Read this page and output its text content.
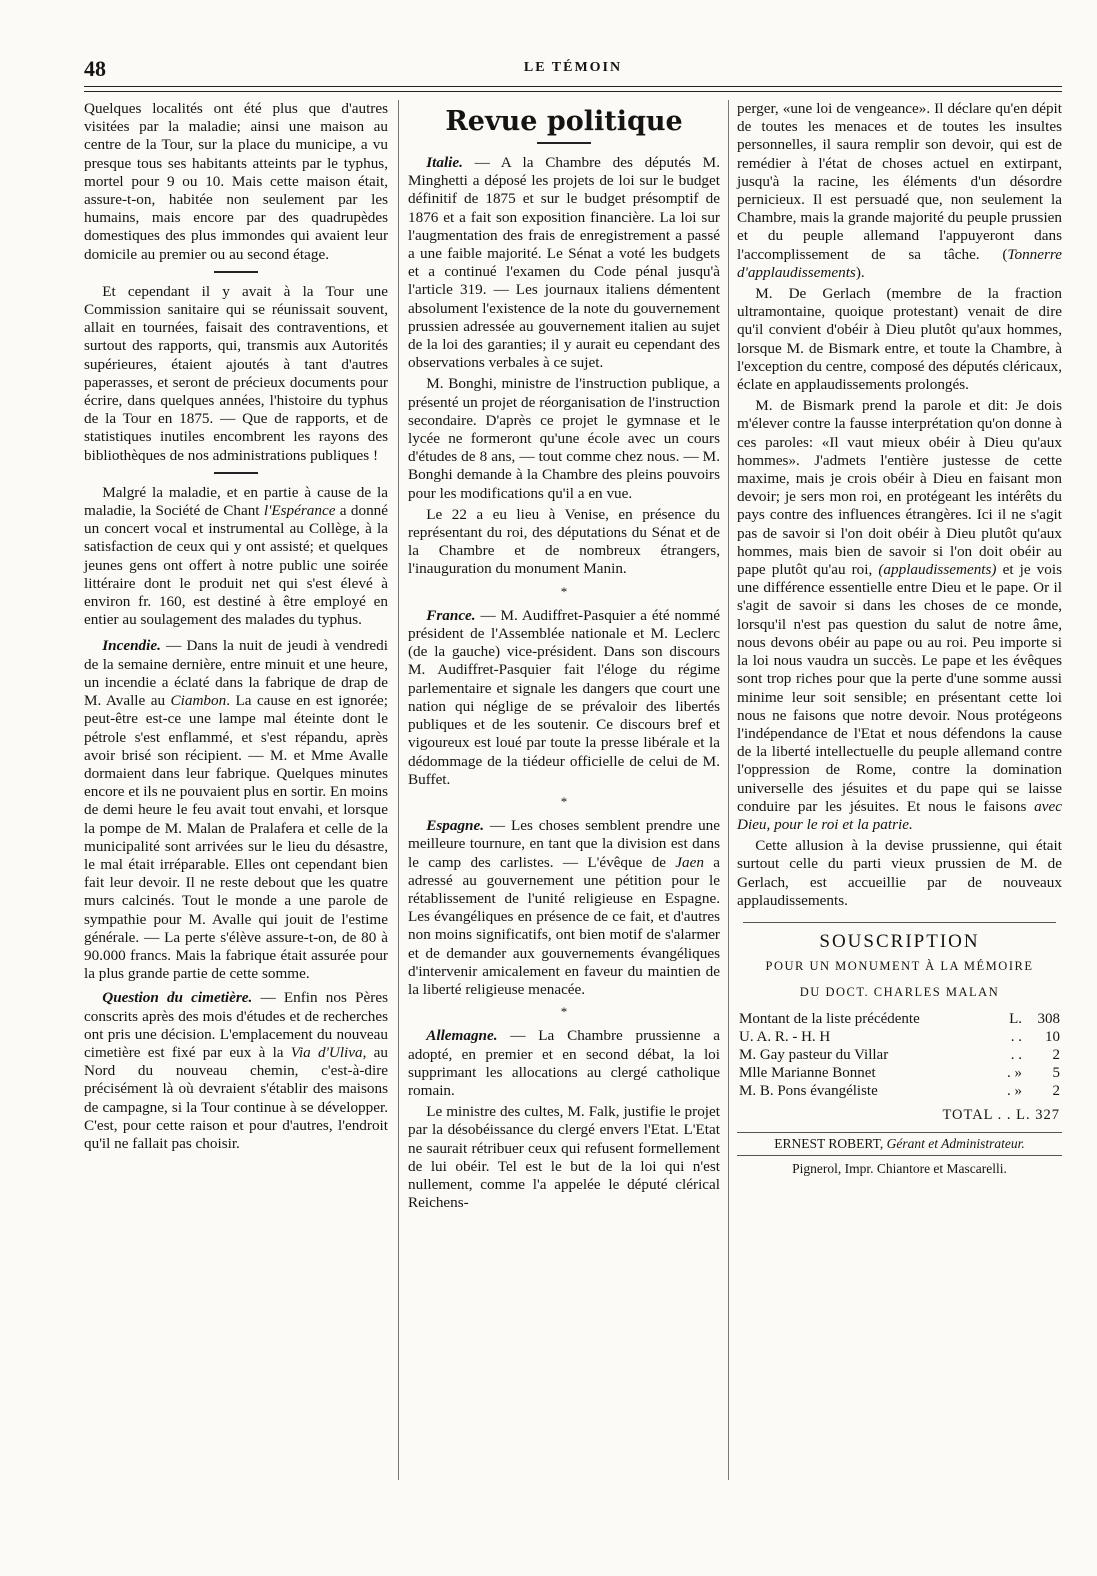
48	LE TÉMOIN

Quelques localités ont été plus que d'autres visitées par la maladie; ainsi une maison au centre de la Tour, sur la place du municipe, a vu presque tous ses habitants atteints par le typhus, mortel pour 9 ou 10. Mais cette maison était, assure-t-on, habitée non seulement par les humains, mais encore par des quadrupèdes domestiques des plus immondes qui avaient leur domicile au premier ou au second étage.

Et cependant il y avait à la Tour une Commission sanitaire qui se réunissait souvent, allait en tournées, faisait des contraventions, et surtout des rapports, qui, transmis aux Autorités supérieures, étaient ajoutés à tant d'autres paperasses, et seront de précieux documents pour écrire, dans quelques années, l'histoire du typhus de la Tour en 1875. — Que de rapports, et de statistiques inutiles encombrent les rayons des bibliothèques de nos administrations publiques !

Malgré la maladie, et en partie à cause de la maladie, la Société de Chant l'Espérance a donné un concert vocal et instrumental au Collège, à la satisfaction de ceux qui y ont assisté; et quelques jeunes gens ont offert à notre public une soirée littéraire dont le produit net qui s'est élevé à environ fr. 160, est destiné à être employé en entier au soulagement des malades du typhus.

Incendie. — Dans la nuit de jeudi à vendredi de la semaine dernière, entre minuit et une heure, un incendie a éclaté dans la fabrique de drap de M. Avalle au Ciambon. La cause en est ignorée; peut-être est-ce une lampe mal éteinte dont le pétrole s'est enflammé, et s'est répandu, après avoir brisé son récipient. — M. et Mme Avalle dormaient dans leur fabrique. Quelques minutes encore et ils ne pouvaient plus en sortir. En moins de demi heure le feu avait tout envahi, et lorsque la pompe de M. Malan de Pralafera et celle de la municipalité sont arrivées sur le lieu du désastre, le mal était irréparable. Elles ont cependant bien fait leur devoir. Il ne reste debout que les quatre murs calcinés. Tout le monde a une parole de sympathie pour M. Avalle qui jouit de l'estime générale. — La perte s'élève assure-t-on, de 80 à 90.000 francs. Mais la fabrique était assurée pour la plus grande partie de cette somme.

Question du cimetière. — Enfin nos Pères conscrits après des mois d'études et de recherches ont pris une décision. L'emplacement du nouveau cimetière est fixé par eux à la Via d'Uliva, au Nord du nouveau chemin, c'est-à-dire précisément là où devraient s'établir des maisons de campagne, si la Tour continue à se développer. C'est, pour cette raison et pour d'autres, l'endroit qu'il ne fallait pas choisir.

Revue politique

Italie. — A la Chambre des députés M. Minghetti a déposé les projets de loi sur le budget définitif de 1875 et sur le budget présomptif de 1876 et a fait son exposition financière. La loi sur l'augmentation des frais de enregistrement a passé a une faible majorité. Le Sénat a voté les budgets et a continué l'examen du Code pénal jusqu'à l'article 319. — Les journaux italiens démentent absolument l'existence de la note du gouvernement prussien adressée au gouvernement italien au sujet de la loi des garanties; il y aurait eu cependant des observations verbales à ce sujet.

M. Bonghi, ministre de l'instruction publique, a présenté un projet de réorganisation de l'instruction secondaire. D'après ce projet le gymnase et le lycée ne formeront qu'une école avec un cours d'études de 8 ans, — tout comme chez nous. — M. Bonghi demande à la Chambre des pleins pouvoirs pour les modifications qu'il a en vue.

Le 22 a eu lieu à Venise, en présence du représentant du roi, des députations du Sénat et de la Chambre et de nombreux étrangers, l'inauguration du monument Manin.

*

France. — M. Audiffret-Pasquier a été nommé président de l'Assemblée nationale et M. Leclerc (de la gauche) vice-président. Dans son discours M. Audiffret-Pasquier fait l'éloge du régime parlementaire et signale les dangers que court une nation qui néglige de se prévaloir des libertés publiques et de les soutenir. Ce discours bref et vigoureux est loué par toute la presse libérale et la dédommage de la tiédeur officielle de celui de M. Buffet.

*

Espagne. — Les choses semblent prendre une meilleure tournure, en tant que la division est dans le camp des carlistes. — L'évêque de Jaen a adressé au gouvernement une pétition pour le rétablissement de l'unité religieuse en Espagne. Les évangéliques en présence de ce fait, et d'autres non moins significatifs, ont bien motif de s'alarmer et de demander aux gouvernements évangéliques d'intervenir amicalement en faveur du maintien de la liberté religieuse menacée.

*

Allemagne. — La Chambre prussienne a adopté, en premier et en second débat, la loi supprimant les allocations au clergé catholique romain.

Le ministre des cultes, M. Falk, justifie le projet par la désobéissance du clergé envers l'Etat. L'Etat ne saurait rétribuer ceux qui refusent formellement de lui obéir. Tel est le but de la loi qui n'est nullement, comme l'a appelée le député clérical Reichens-

perger, «une loi de vengeance». Il déclare qu'en dépit de toutes les menaces et de toutes les insultes personnelles, il saura remplir son devoir, qui est de remédier à l'état de choses actuel en extirpant, jusqu'à la racine, les éléments d'un désordre pernicieux. Il est persuadé que, non seulement la Chambre, mais la grande majorité du peuple prussien et du peuple allemand l'appuyeront dans l'accomplissement de sa tâche. (Tonnerre d'applaudissements).

M. De Gerlach (membre de la fraction ultramontaine, quoique protestant) venait de dire qu'il convient d'obéir à Dieu plutôt qu'aux hommes, lorsque M. de Bismark entre, et toute la Chambre, à l'exception du centre, composé des députés cléricaux, éclate en applaudissements prolongés.

M. de Bismark prend la parole et dit: Je dois m'élever contre la fausse interprétation qu'on donne à ces paroles: «Il vaut mieux obéir à Dieu qu'aux hommes». J'admets l'entière justesse de cette maxime, mais je crois obéir à Dieu en faisant mon devoir; je sers mon roi, en protégeant les intérêts du pays contre des influences étrangères. Ici il ne s'agit pas de savoir si l'on doit obéir à Dieu plutôt qu'aux hommes, mais bien de savoir si l'on doit obéir au pape plutôt qu'au roi, (applaudissements) et je vois une différence essentielle entre Dieu et le pape. Or il s'agit de savoir si dans les choses de ce monde, lorsqu'il n'est pas question du salut de notre âme, nous devons obéir au pape ou au roi. Peu importe si la loi nous vaudra un succès. Le pape et les évêques sont trop riches pour que la perte d'une somme aussi minime leur soit sensible; en présentant cette loi nous ne faisons que notre devoir. Nous protégeons l'indépendance de l'Etat et nous défendons la cause de la liberté intellectuelle du peuple allemand contre l'oppression de Rome, contre la domination universelle des jésuites et du pape qui se laisse conduire par les jésuites. Et nous le faisons avec Dieu, pour le roi et la patrie.

Cette allusion à la devise prussienne, qui était surtout celle du parti vieux prussien de M. de Gerlach, est accueillie par de nouveaux applaudissements.

SOUSCRIPTION
POUR UN MONUMENT À LA MÉMOIRE
DU DOCT. CHARLES MALAN
Montant de la liste précédente	L.	308
U. A. R. - H. H	. .	10
M. Gay pasteur du Villar	. .	2
Mlle Marianne Bonnet	. »	5
M. B. Pons évangéliste	. »	2
TOTAL . . L. 327
ERNEST ROBERT, Gérant et Administrateur.
Pignerol, Impr. Chiantore et Mascarelli.
